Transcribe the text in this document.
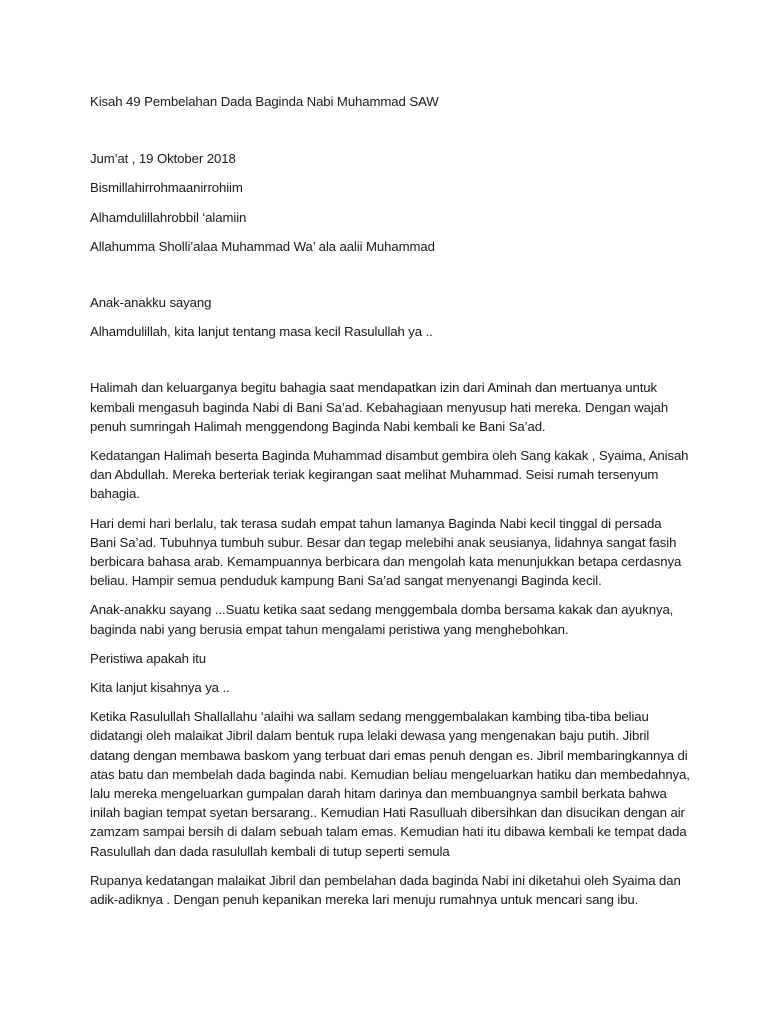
Kisah 49 Pembelahan Dada Baginda Nabi Muhammad SAW

Jum’at , 19 Oktober 2018

Bismillahirrohmaanirrohiim

Alhamdulillahrobbil ‘alamiin

Allahumma Sholli’alaa Muhammad Wa’ ala aalii Muhammad

Anak-anakku sayang

Alhamdulillah, kita lanjut tentang masa kecil Rasulullah ya ..

Halimah dan keluarganya begitu bahagia saat mendapatkan izin dari Aminah dan mertuanya untuk kembali mengasuh baginda Nabi di Bani Sa’ad. Kebahagiaan menyusup hati mereka. Dengan wajah penuh sumringah Halimah menggendong Baginda Nabi kembali ke Bani Sa’ad.

Kedatangan Halimah beserta Baginda Muhammad disambut gembira oleh Sang kakak , Syaima, Anisah dan Abdullah. Mereka berteriak teriak kegirangan saat melihat Muhammad. Seisi rumah tersenyum bahagia.

Hari demi hari berlalu, tak terasa sudah empat tahun lamanya Baginda Nabi kecil tinggal di persada Bani Sa’ad. Tubuhnya tumbuh subur. Besar dan tegap melebihi anak seusianya, lidahnya sangat fasih berbicara bahasa arab. Kemampuannya berbicara dan mengolah kata menunjukkan betapa cerdasnya beliau. Hampir semua penduduk kampung Bani Sa’ad sangat menyenangi Baginda kecil.

Anak-anakku sayang ...Suatu ketika saat sedang menggembala domba bersama kakak dan ayuknya, baginda nabi yang berusia empat tahun mengalami peristiwa yang menghebohkan.

Peristiwa apakah itu

Kita lanjut kisahnya ya ..

Ketika Rasulullah Shallallahu ‘alaihi wa sallam sedang menggembalakan kambing tiba-tiba beliau didatangi oleh malaikat Jibril dalam bentuk rupa lelaki dewasa yang mengenakan baju putih. Jibril datang dengan membawa baskom yang terbuat dari emas penuh dengan es. Jibril membaringkannya di atas batu dan membelah dada baginda nabi. Kemudian beliau mengeluarkan hatiku dan membedahnya, lalu mereka mengeluarkan gumpalan darah hitam darinya dan membuangnya sambil berkata bahwa inilah bagian tempat syetan bersarang.. Kemudian Hati Rasulluah dibersihkan dan disucikan dengan air zamzam sampai bersih di dalam sebuah talam emas. Kemudian hati itu dibawa kembali ke tempat dada Rasulullah dan dada rasulullah kembali di tutup seperti semula

Rupanya kedatangan malaikat Jibril dan pembelahan dada baginda Nabi ini diketahui oleh Syaima dan adik-adiknya . Dengan penuh kepanikan mereka lari menuju rumahnya untuk mencari sang ibu.
